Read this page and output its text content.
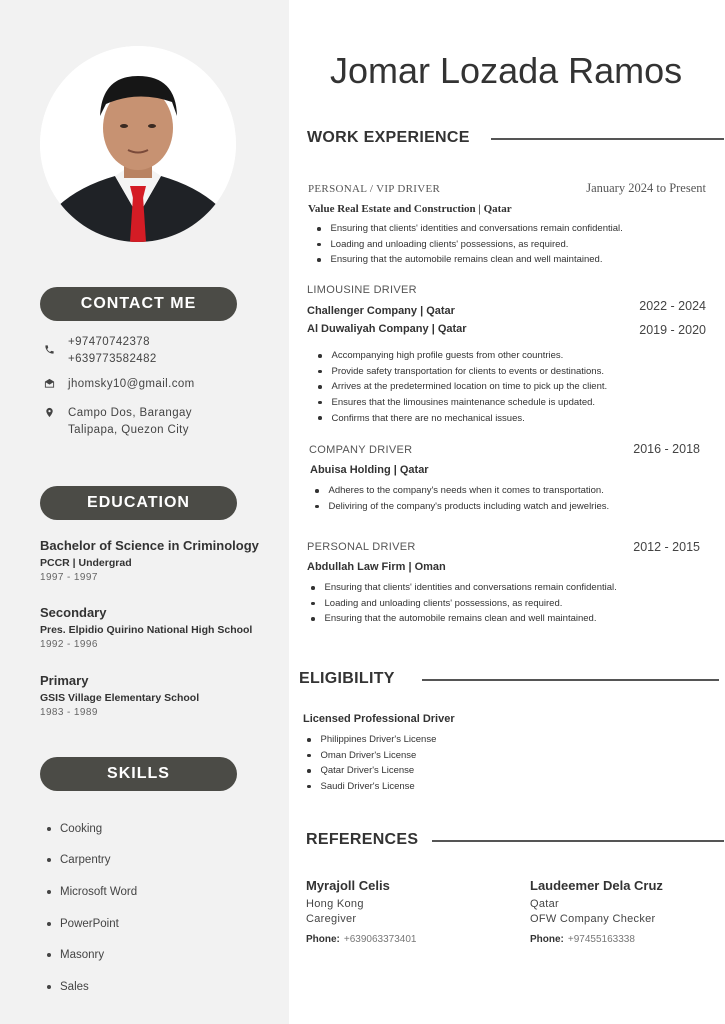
CONTACT ME
+97470742378
+639773582482
jhomsky10@gmail.com
Campo Dos, Barangay
Talipapa, Quezon City
EDUCATION
Bachelor of Science in Criminology
PCCR | Undergrad
1997 - 1997
Secondary
Pres. Elpidio Quirino National High School
1992 - 1996
Primary
GSIS Village Elementary School
1983 - 1989
SKILLS
Cooking
Carpentry
Microsoft Word
PowerPoint
Masonry
Sales
Jomar Lozada Ramos
WORK EXPERIENCE
PERSONAL / VIP DRIVER	January 2024 to Present
Value Real Estate and Construction | Qatar
Ensuring that clients' identities and conversations remain confidential.
Loading and unloading clients' possessions, as required.
Ensuring that the automobile remains clean and well maintained.
LIMOUSINE DRIVER
Challenger Company | Qatar	2022 - 2024
Al Duwaliyah Company | Qatar	2019 - 2020
Accompanying high profile guests from other countries.
Provide safety transportation for clients to events or destinations.
Arrives at the predetermined location on time to pick up the client.
Ensures that the limousines maintenance schedule is updated.
Confirms that there are no mechanical issues.
COMPANY DRIVER	2016 - 2018
Abuisa Holding | Qatar
Adheres to the company's needs when it comes to transportation.
Deliviring of the company's products including watch and jewelries.
PERSONAL DRIVER	2012 - 2015
Abdullah Law Firm | Oman
Ensuring that clients' identities and conversations remain confidential.
Loading and unloading clients' possessions, as required.
Ensuring that the automobile remains clean and well maintained.
ELIGIBILITY
Licensed Professional Driver
Philippines Driver's License
Oman Driver's License
Qatar Driver's License
Saudi Driver's License
REFERENCES
Myrajoll Celis
Hong Kong
Caregiver
Phone: +639063373401
Laudeemer Dela Cruz
Qatar
OFW Company Checker
Phone: +97455163338
